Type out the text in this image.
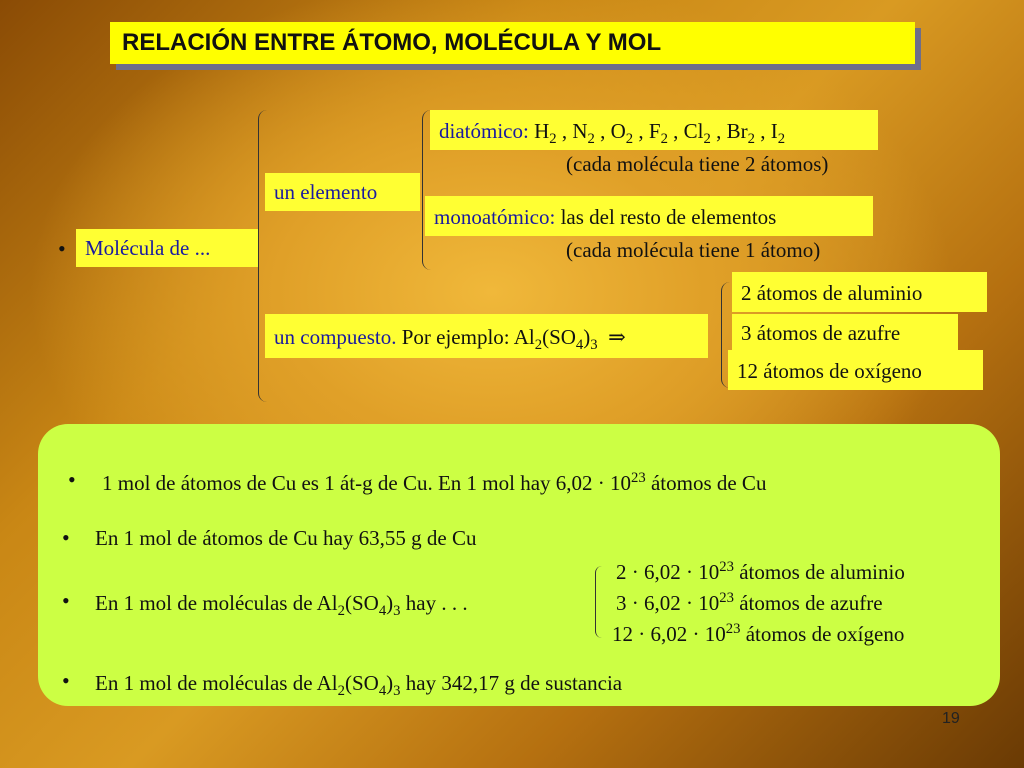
RELACIÓN ENTRE ÁTOMO, MOLÉCULA Y MOL
• Molécula de ...
un elemento
diatómico: $H_2$ , $N_2$ , $O_2$ , $F_2$ , $Cl_2$ , $Br_2$ , $I_2$
(cada molécula tiene 2 átomos)
monoatómico: las del resto de elementos
(cada molécula tiene 1 átomo)
un compuesto. Por ejemplo: $Al_2(SO_4)_3$ ⇒
2 átomos de aluminio
3 átomos de azufre
12 átomos de oxígeno
• 1 mol de átomos de Cu es 1 át-g de Cu. En 1 mol hay $6,02 \cdot 10^{23}$ átomos de Cu
• En 1 mol de átomos de Cu hay 63,55 g de Cu
$2 \cdot 6,02 \cdot 10^{23}$ átomos de aluminio
• En 1 mol de moléculas de $Al_2(SO_4)_3$ hay . . .	$3 \cdot 6,02 \cdot 10^{23}$ átomos de azufre
$12 \cdot 6,02 \cdot 10^{23}$ átomos de oxígeno
• En 1 mol de moléculas de $Al_2(SO_4)_3$ hay 342,17 g de sustancia
19
